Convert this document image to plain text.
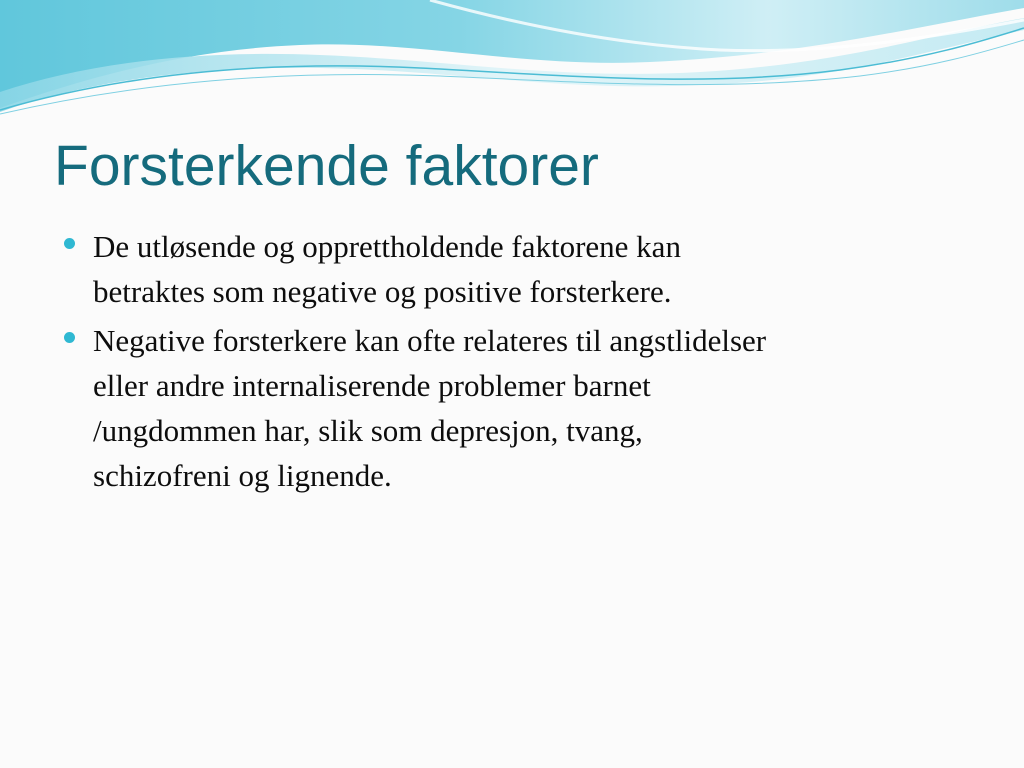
Forsterkende faktorer
De utløsende og opprettholdende faktorene kan
betraktes som negative og positive forsterkere.
Negative forsterkere kan ofte relateres til angstlidelser
eller andre internaliserende problemer barnet
/ungdommen har, slik som depresjon, tvang,
schizofreni og lignende.
